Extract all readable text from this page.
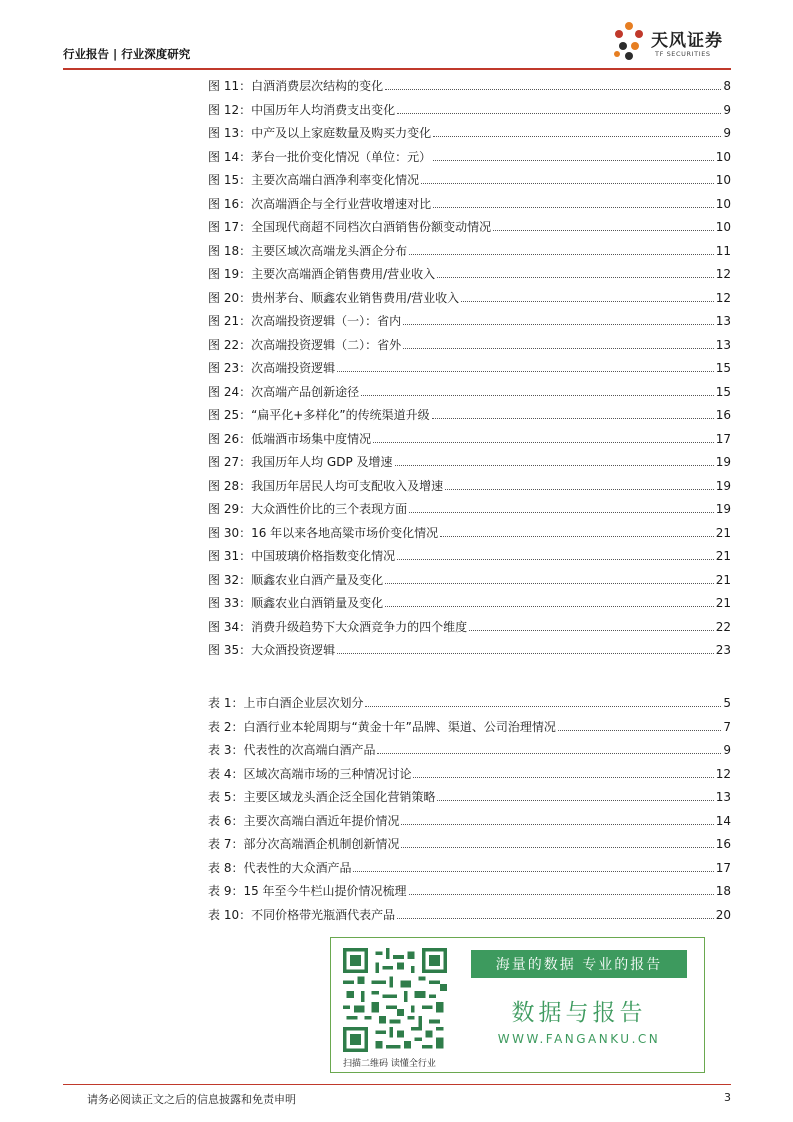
行业报告 | 行业深度研究
天风证券
TF SECURITIES
图 11：白酒消费层次结构的变化	8
图 12：中国历年人均消费支出变化	9
图 13：中产及以上家庭数量及购买力变化	9
图 14：茅台一批价变化情况（单位：元）	10
图 15：主要次高端白酒净利率变化情况	10
图 16：次高端酒企与全行业营收增速对比	10
图 17：全国现代商超不同档次白酒销售份额变动情况	10
图 18：主要区域次高端龙头酒企分布	11
图 19：主要次高端酒企销售费用/营业收入	12
图 20：贵州茅台、顺鑫农业销售费用/营业收入	12
图 21：次高端投资逻辑（一）：省内	13
图 22：次高端投资逻辑（二）：省外	13
图 23：次高端投资逻辑	15
图 24：次高端产品创新途径	15
图 25：“扁平化+多样化”的传统渠道升级	16
图 26：低端酒市场集中度情况	17
图 27：我国历年人均 GDP 及增速	19
图 28：我国历年居民人均可支配收入及增速	19
图 29：大众酒性价比的三个表现方面	19
图 30：16 年以来各地高粱市场价变化情况	21
图 31：中国玻璃价格指数变化情况	21
图 32：顺鑫农业白酒产量及变化	21
图 33：顺鑫农业白酒销量及变化	21
图 34：消费升级趋势下大众酒竞争力的四个维度	22
图 35：大众酒投资逻辑	23
表 1：上市白酒企业层次划分	5
表 2：白酒行业本轮周期与“黄金十年”品牌、渠道、公司治理情况	7
表 3：代表性的次高端白酒产品	9
表 4：区域次高端市场的三种情况讨论	12
表 5：主要区域龙头酒企泛全国化营销策略	13
表 6：主要次高端白酒近年提价情况	14
表 7：部分次高端酒企机制创新情况	16
表 8：代表性的大众酒产品	17
表 9：15 年至今牛栏山提价情况梳理	18
表 10：不同价格带光瓶酒代表产品	20
扫描二维码 读懂全行业
海量的数据 专业的报告
数据与报告
WWW.FANGANKU.CN
请务必阅读正文之后的信息披露和免责申明	3
